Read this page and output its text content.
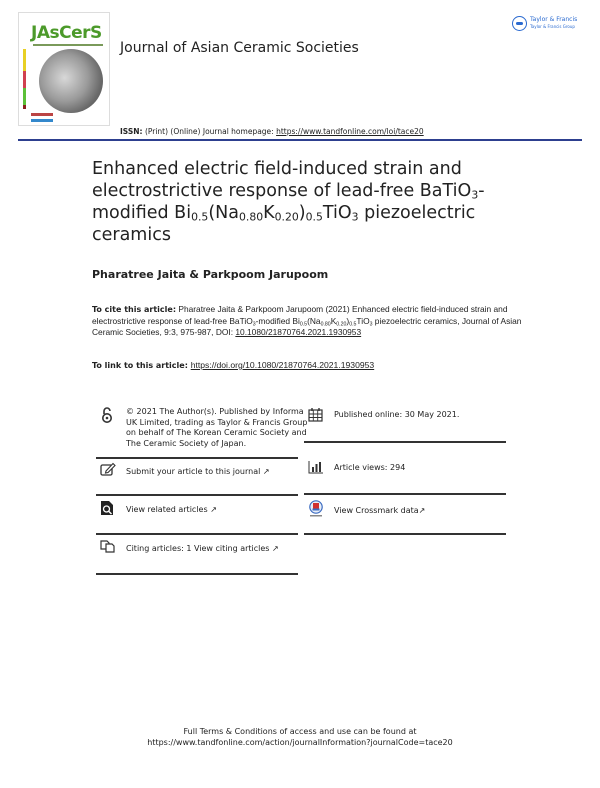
JAsCerS
Journal of Asian Ceramic Societies
Taylor & Francis
Taylor & Francis Group
ISSN: (Print) (Online) Journal homepage: https://www.tandfonline.com/loi/tace20
Enhanced electric field-induced strain and
electrostrictive response of lead-free BaTiO$_3$-
modified $Bi_{0.5}(Na_{0.80}K_{0.20})_{0.5}TiO_3$ piezoelectric
ceramics
Pharatree Jaita & Parkpoom Jarupoom
To cite this article: Pharatree Jaita & Parkpoom Jarupoom (2021) Enhanced electric field-induced strain and electrostrictive response of lead-free BaTiO$_3$-modified $Bi_{0.5}(Na_{0.80}K_{0.20})_{0.5}TiO_3$ piezoelectric ceramics, Journal of Asian Ceramic Societies, 9:3, 975-987, DOI: 10.1080/21870764.2021.1930953
To link to this article: https://doi.org/10.1080/21870764.2021.1930953
© 2021 The Author(s). Published by Informa UK Limited, trading as Taylor & Francis Group on behalf of The Korean Ceramic Society and The Ceramic Society of Japan.
Submit your article to this journal ↗
View related articles ↗
Citing articles: 1 View citing articles ↗
Published online: 30 May 2021.
Article views: 294
View Crossmark data↗
Full Terms & Conditions of access and use can be found at
https://www.tandfonline.com/action/journalInformation?journalCode=tace20
